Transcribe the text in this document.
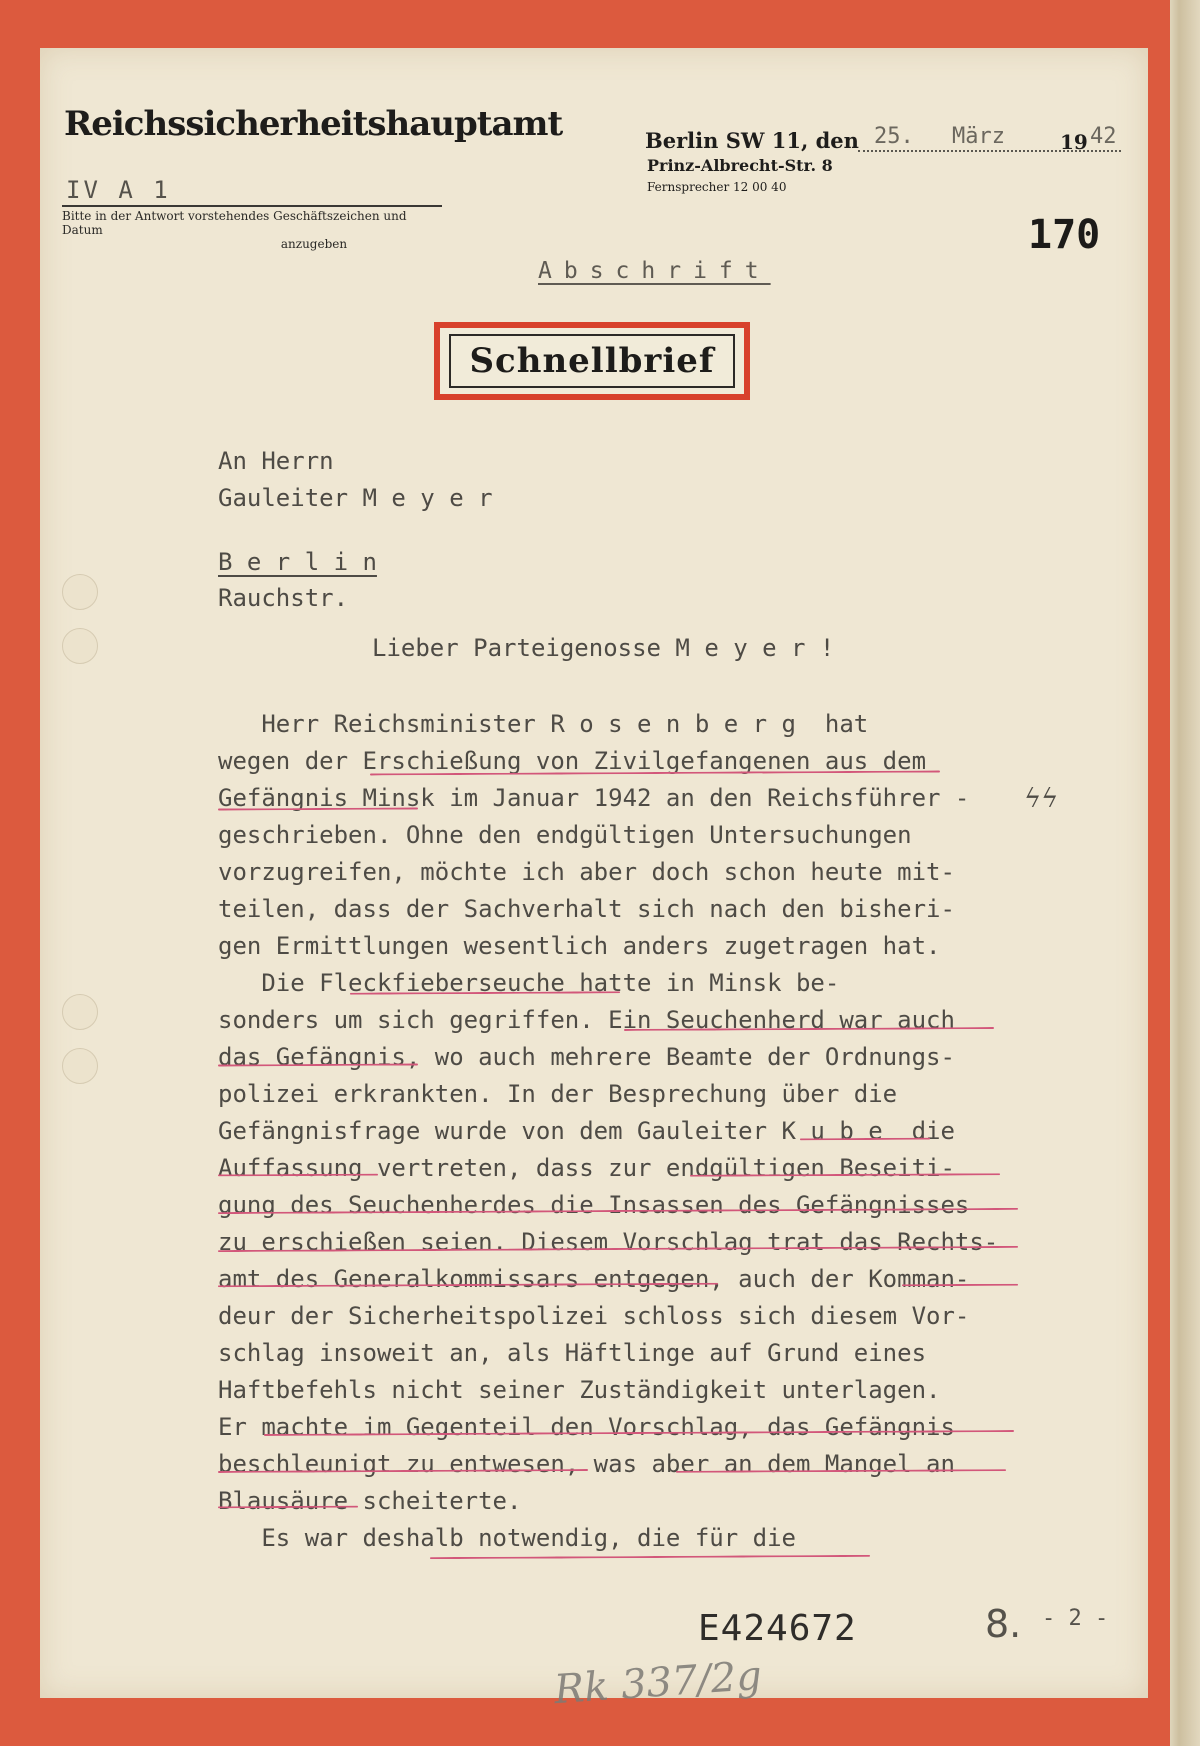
Reichssicherheitshauptamt

IV A 1

Bitte in der Antwort vorstehendes Geschäftszeichen und Datum
anzugeben

Berlin SW 11, den 25. März	19 42

Prinz-Albrecht-Str. 8

Fernsprecher 12 00 40

170

Abschrift

Schnellbrief

An Herrn

Gauleiter M e y e r

B e r l i n

Rauchstr.

Lieber Parteigenosse M e y e r !

Herr Reichsminister R o s e n b e r g  hat
wegen der Erschießung von Zivilgefangenen aus dem
Gefängnis Minsk im Januar 1942 an den Reichsführer -
geschrieben. Ohne den endgültigen Untersuchungen
vorzugreifen, möchte ich aber doch schon heute mit-
teilen, dass der Sachverhalt sich nach den bisheri-
gen Ermittlungen wesentlich anders zugetragen hat.
Die Fleckfieberseuche hatte in Minsk be-
sonders um sich gegriffen. Ein Seuchenherd war auch
das Gefängnis, wo auch mehrere Beamte der Ordnungs-
polizei erkrankten. In der Besprechung über die
Gefängnisfrage wurde von dem Gauleiter K u b e  die
Auffassung vertreten, dass zur endgültigen Beseiti-
gung des Seuchenherdes die Insassen des Gefängnisses
zu erschießen seien. Diesem Vorschlag trat das Rechts-
amt des Generalkommissars entgegen, auch der Komman-
deur der Sicherheitspolizei schloss sich diesem Vor-
schlag insoweit an, als Häftlinge auf Grund eines
Haftbefehls nicht seiner Zuständigkeit unterlagen.
Er machte im Gegenteil den Vorschlag, das Gefängnis
beschleunigt zu entwesen, was aber an dem Mangel an
Blausäure scheiterte.
Es war deshalb notwendig, die für die

ϟϟ

E424672	8. - 2 -

Rk 337/2g
